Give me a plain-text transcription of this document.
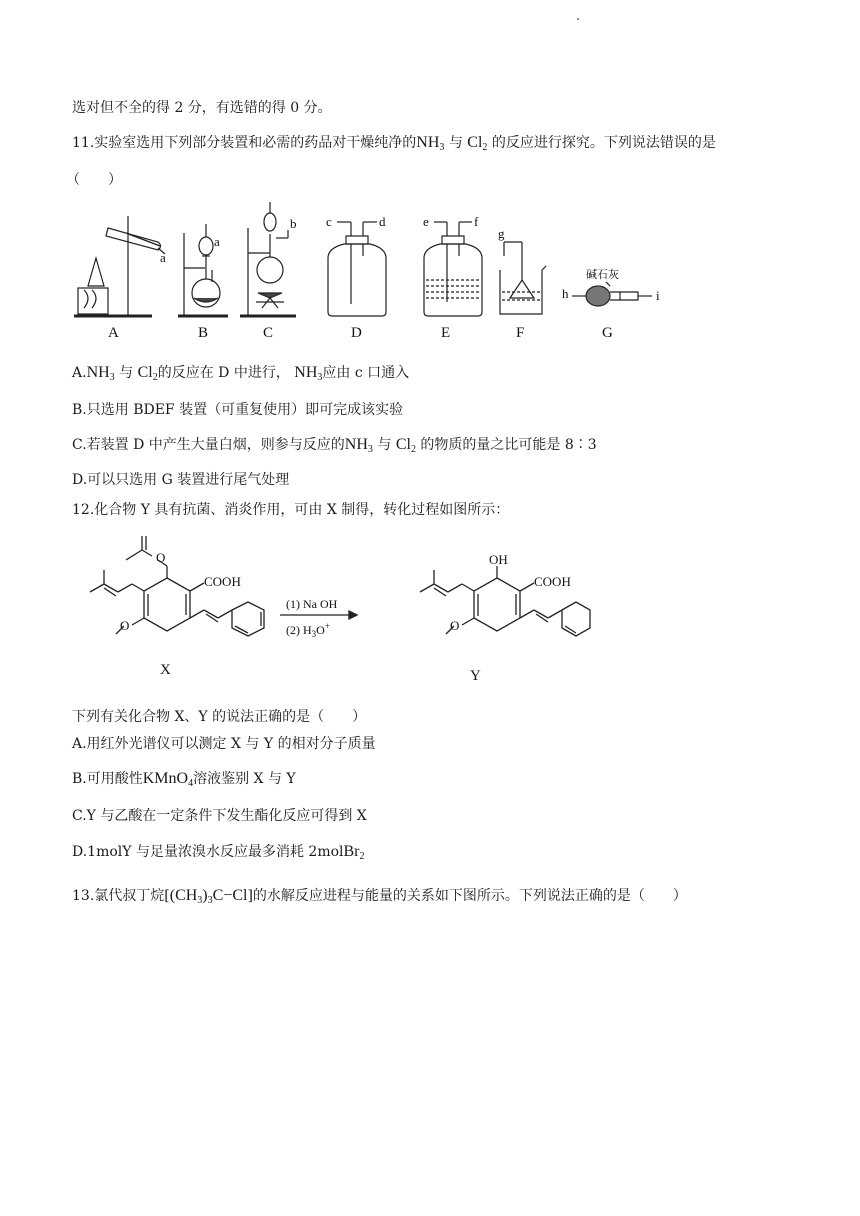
选对但不全的得 2 分，有选错的得 0 分。
11.实验室选用下列部分装置和必需的药品对干燥纯净的$NH_3$ 与 $Cl_2$ 的反应进行探究。下列说法错误的是
（　　）
A	B	C	D	E	F	G
a
a
b c	d	e	f
g
h	i
碱石灰
$A.NH_3$ 与 $Cl_2$的反应在 D 中进行， $NH_3$应由 c 口通入
B.只选用 BDEF 装置（可重复使用）即可完成该实验
C.若装置 D 中产生大量白烟，则参与反应的$NH_3$ 与 $Cl_2$ 的物质的量之比可能是 8∶3
D.可以只选用 G 装置进行尾气处理
12.化合物 Y 具有抗菌、消炎作用，可由 X 制得，转化过程如图所示：
O
O	O
COOH	COOH
OH
(1) Na OH
(2) $H_3O^+$
X	Y
下列有关化合物 X、Y 的说法正确的是（　　）
A.用红外光谱仪可以测定 X 与 Y 的相对分子质量
B.可用酸性KMnO$_4$溶液鉴别 X 与 Y
C.Y 与乙酸在一定条件下发生酯化反应可得到 X
D.1molY 与足量浓溴水反应最多消耗 2molBr$_2$
13.氯代叔丁烷$[(CH_3)_3C-Cl]$的水解反应进程与能量的关系如下图所示。下列说法正确的是（　　）
